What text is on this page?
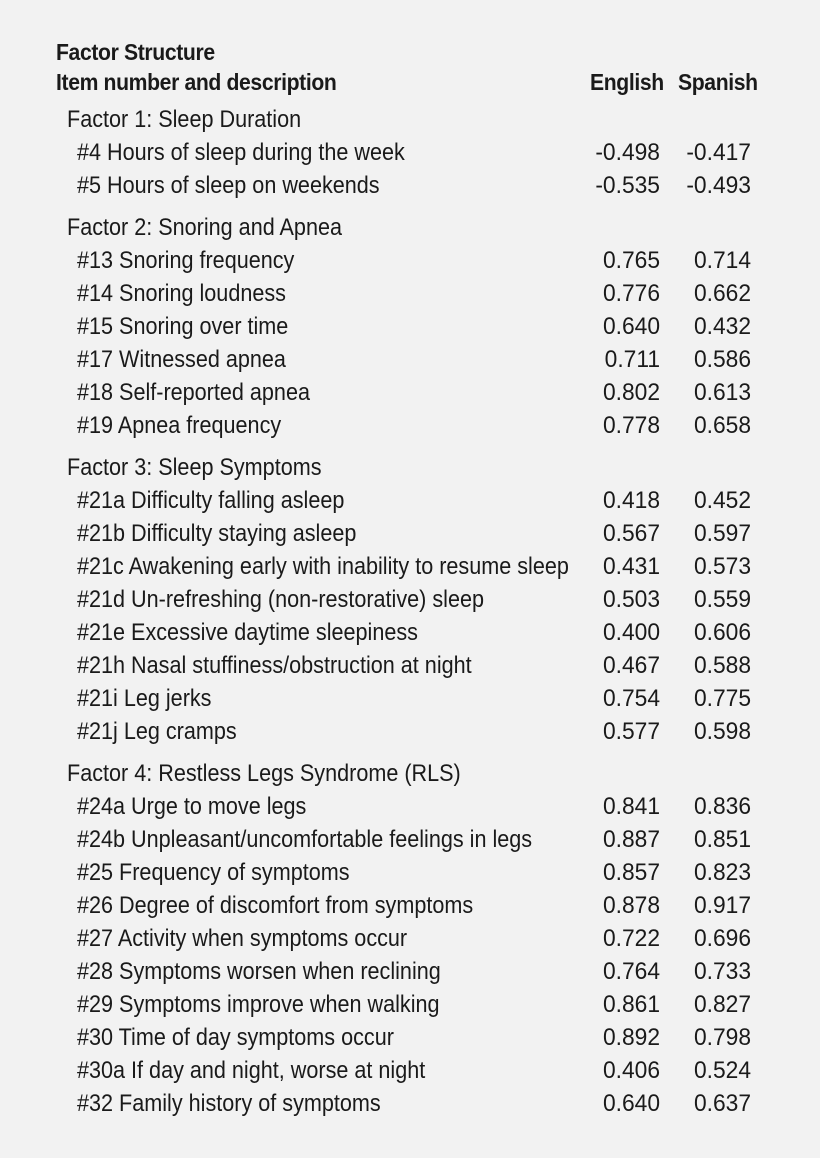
Factor Structure
Item number and description	English Spanish
Factor 1: Sleep Duration
#4 Hours of sleep during the week	-0.498	-0.417
#5 Hours of sleep on weekends	-0.535	-0.493
Factor 2: Snoring and Apnea
#13 Snoring frequency	0.765	0.714
#14 Snoring loudness	0.776	0.662
#15 Snoring over time	0.640	0.432
#17 Witnessed apnea	0.711	0.586
#18 Self-reported apnea	0.802	0.613
#19 Apnea frequency	0.778	0.658
Factor 3: Sleep Symptoms
#21a Difficulty falling asleep	0.418	0.452
#21b Difficulty staying asleep	0.567	0.597
#21c Awakening early with inability to resume sleep	0.431	0.573
#21d Un-refreshing (non-restorative) sleep	0.503	0.559
#21e Excessive daytime sleepiness	0.400	0.606
#21h Nasal stuffiness/obstruction at night	0.467	0.588
#21i Leg jerks	0.754	0.775
#21j Leg cramps	0.577	0.598
Factor 4: Restless Legs Syndrome (RLS)
#24a Urge to move legs	0.841	0.836
#24b Unpleasant/uncomfortable feelings in legs	0.887	0.851
#25 Frequency of symptoms	0.857	0.823
#26 Degree of discomfort from symptoms	0.878	0.917
#27 Activity when symptoms occur	0.722	0.696
#28 Symptoms worsen when reclining	0.764	0.733
#29 Symptoms improve when walking	0.861	0.827
#30 Time of day symptoms occur	0.892	0.798
#30a If day and night, worse at night	0.406	0.524
#32 Family history of symptoms	0.640	0.637
